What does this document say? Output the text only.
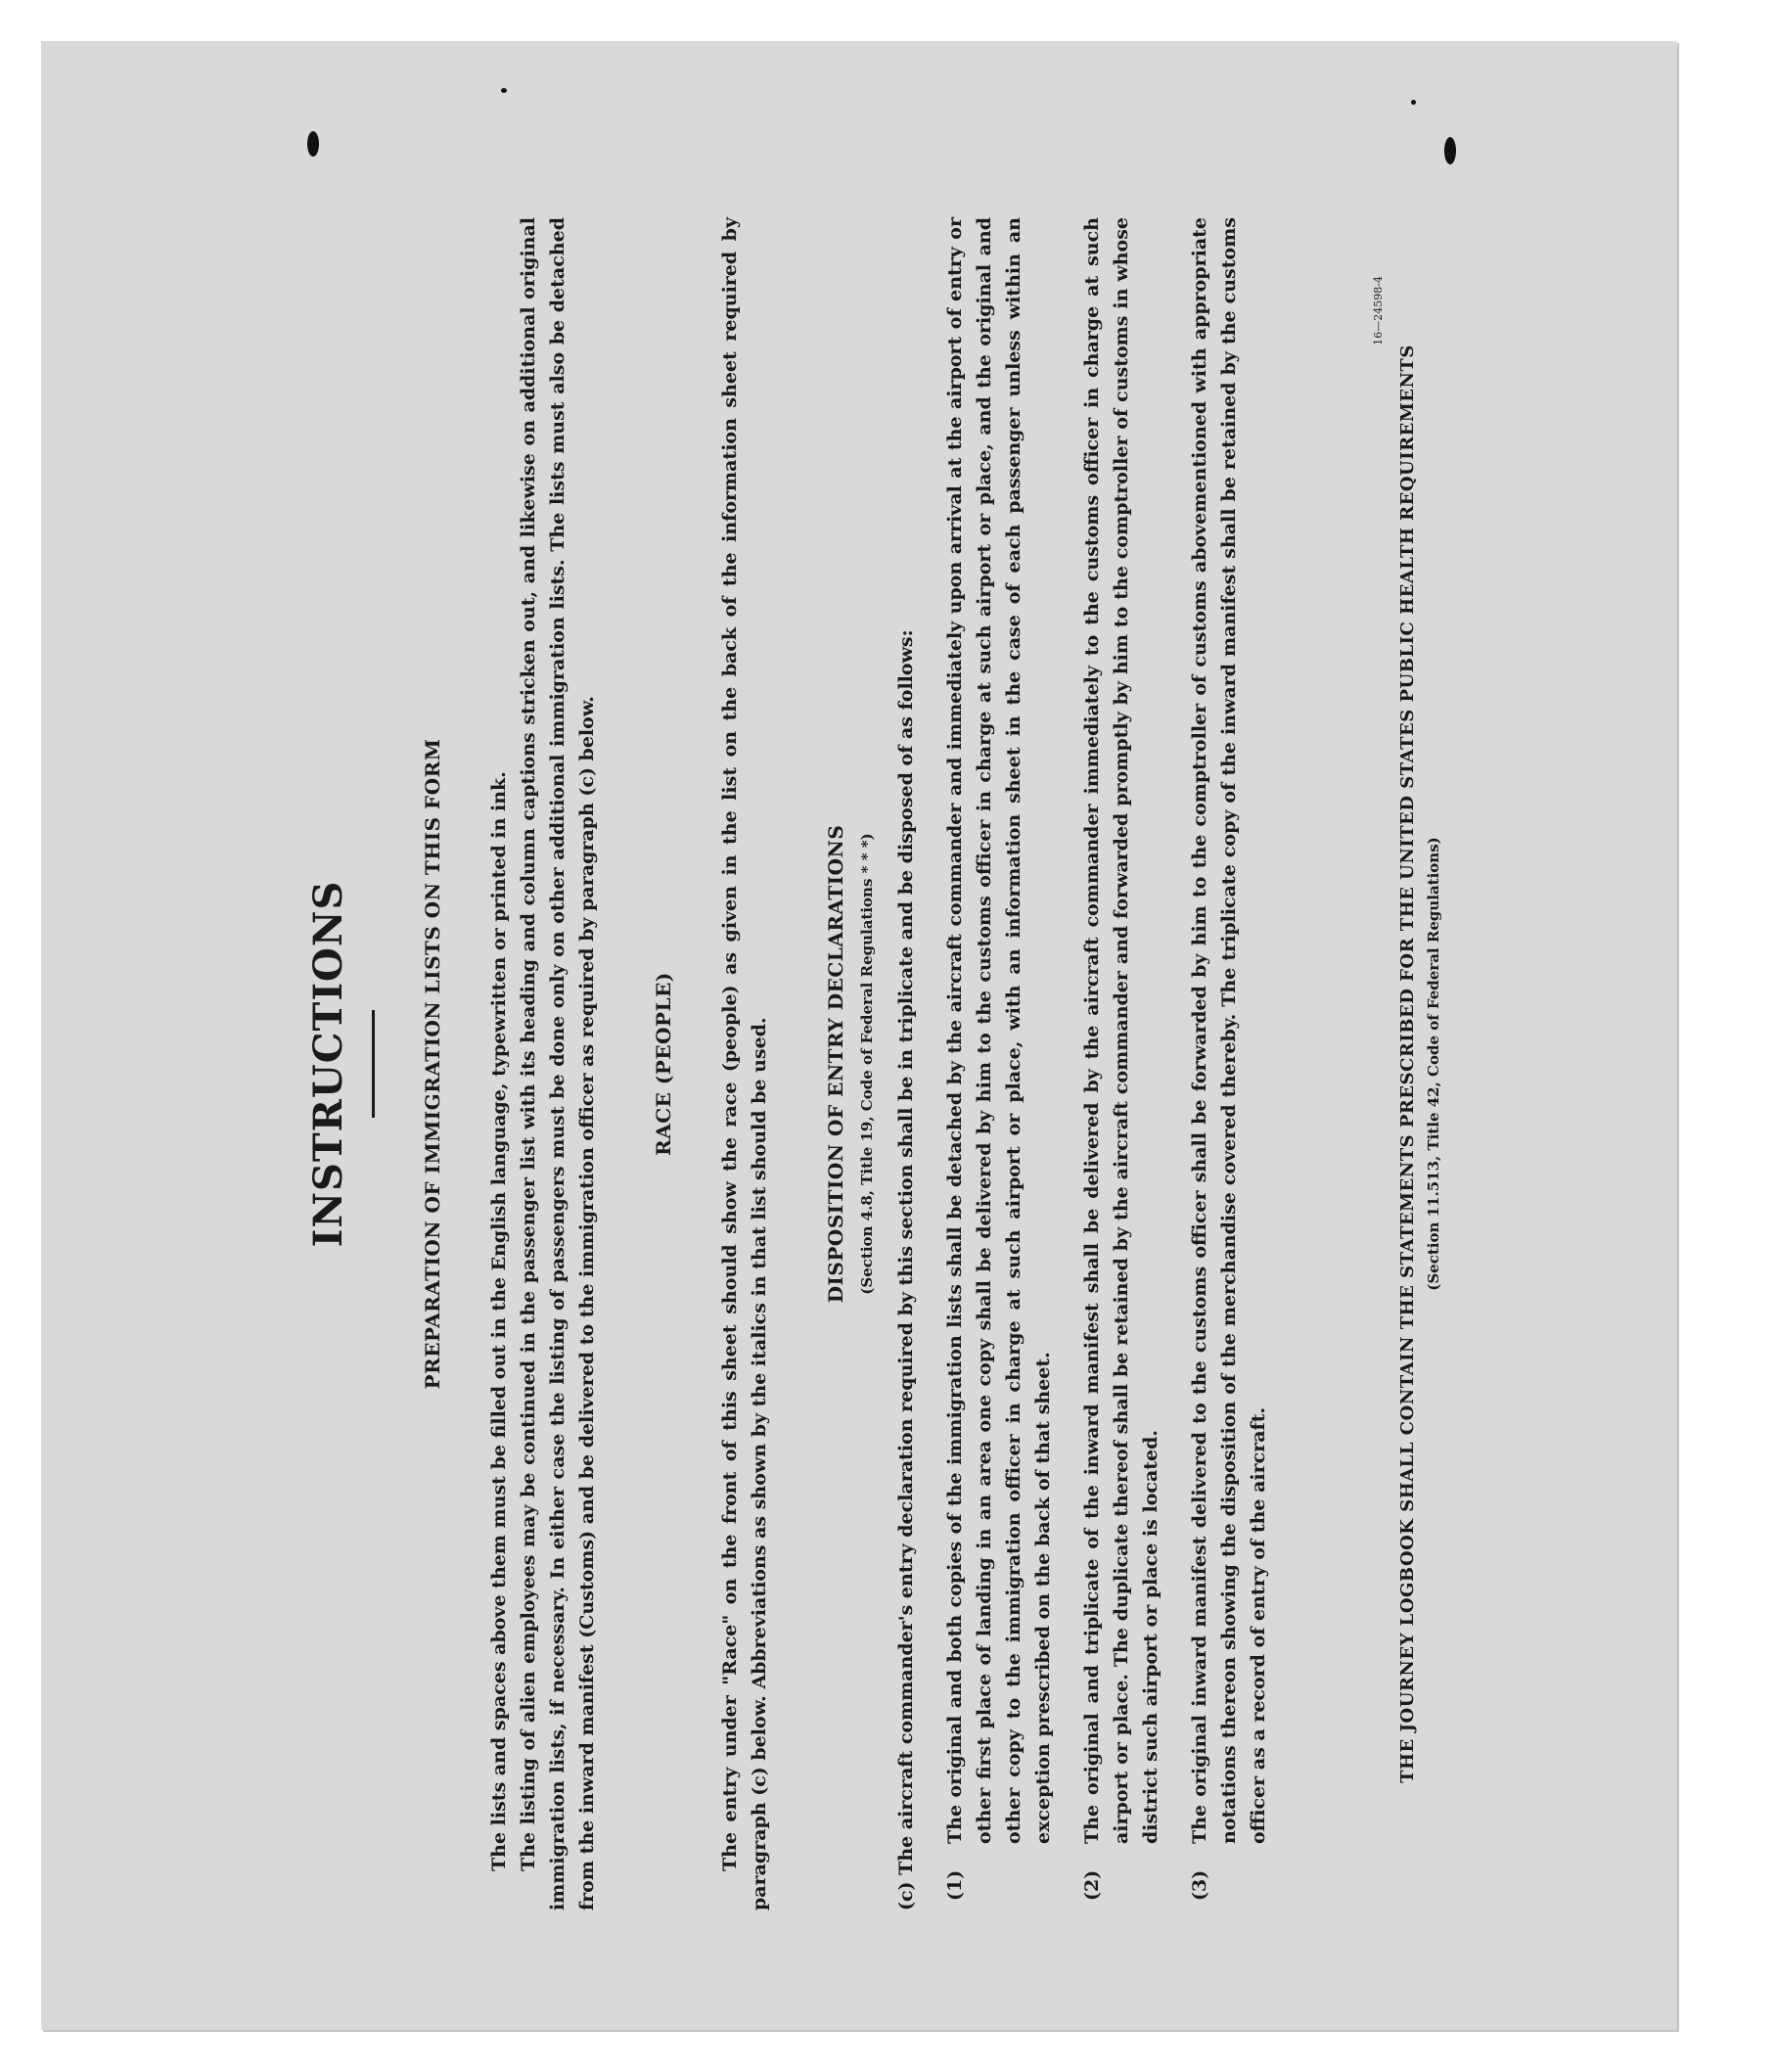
INSTRUCTIONS	PREPARATION OF IMMIGRATION LISTS ON THIS FORM The lists and spaces above them must be filled out in the English language, typewritten or printed in ink. The listing of alien employees may be continued in the passenger list with its heading and column captions stricken out, and likewise on additional original immigration lists, if necessary. In either case the listing of passengers must be done only on other additional immigration lists. The lists must also be detached from the inward manifest (Customs) and be delivered to the immigration officer as required by paragraph (c) below.	RACE (PEOPLE) The entry under "Race" on the front of this sheet should show the race (people) as given in the list on the back of the information sheet required by paragraph (c) below. Abbreviations as shown by the italics in that list should be used.	DISPOSITION OF ENTRY DECLARATIONS (Section 4.8, Title 19, Code of Federal Regulations * * *)

(c) The aircraft commander's entry declaration required by this section shall be in triplicate and be disposed of as follows:

(1)
The original and both copies of the immigration lists shall be detached by the aircraft commander and immediately upon arrival at the airport of entry or other first place of landing in an area one copy shall be delivered by him to the customs officer in charge at such airport or place, and the original and other copy to the immigration officer in charge at such airport or place, with an information sheet in the case of each passenger unless within an exception prescribed on the back of that sheet.
(2)
The original and triplicate of the inward manifest shall be delivered by the aircraft commander immediately to the customs officer in charge at such airport or place. The duplicate thereof shall be retained by the aircraft commander and forwarded promptly by him to the comptroller of customs in whose district such airport or place is located.
(3)
The original inward manifest delivered to the customs officer shall be forwarded by him to the comptroller of customs abovementioned with appropriate notations thereon showing the disposition of the merchandise covered thereby. The triplicate copy of the inward manifest shall be retained by the customs officer as a record of entry of the aircraft.
16—24598-4
THE JOURNEY LOGBOOK SHALL CONTAIN THE STATEMENTS PRESCRIBED FOR THE UNITED STATES PUBLIC HEALTH REQUIREMENTS (Section 11.513, Title 42, Code of Federal Regulations)
